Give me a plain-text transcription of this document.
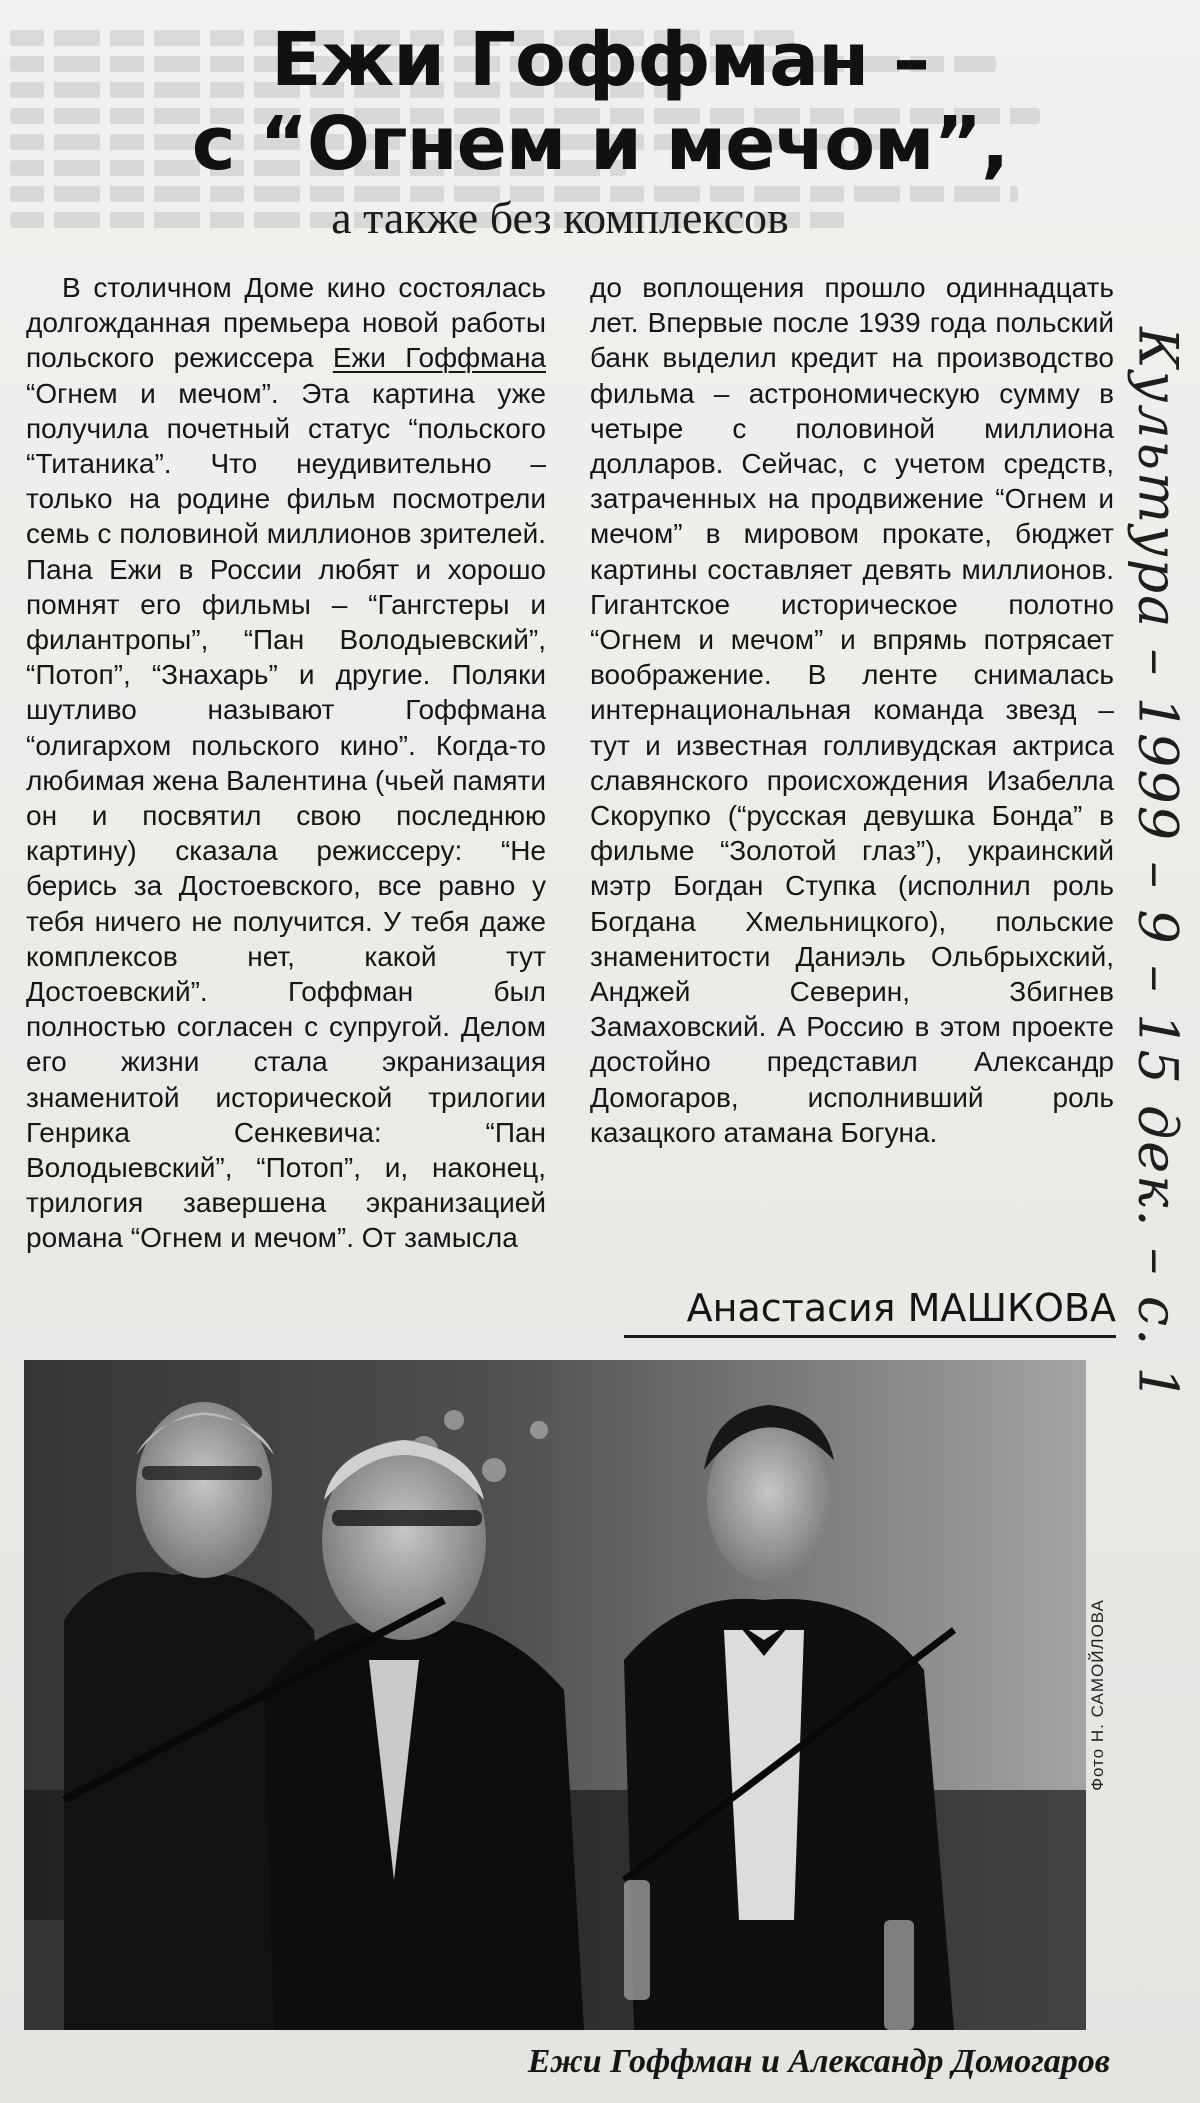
Ежи Гоффман –
с “Огнем и мечом”,
а также без комплексов

В столичном Доме кино состоялась долгожданная премьера новой работы польского режиссера Ежи Гоффмана “Огнем и мечом”. Эта картина уже получила почетный статус “польского “Титаника”. Что неудивительно – только на родине фильм посмотрели семь с половиной миллионов зрителей. Пана Ежи в России любят и хорошо помнят его фильмы – “Гангстеры и филантропы”, “Пан Володыевский”, “Потоп”, “Знахарь” и другие. Поляки шутливо называют Гоффмана “олигархом польского кино”. Когда-то любимая жена Валентина (чьей памяти он и посвятил свою последнюю картину) сказала режиссеру: “Не берись за Достоевского, все равно у тебя ничего не получится. У тебя даже комплексов нет, какой тут Достоевский”. Гоффман был полностью согласен с супругой. Делом его жизни стала экранизация знаменитой исторической трилогии Генрика Сенкевича: “Пан Володыевский”, “Потоп”, и, наконец, трилогия завершена экранизацией романа “Огнем и мечом”. От замысла

до воплощения прошло одиннадцать лет. Впервые после 1939 года польский банк выделил кредит на производство фильма – астрономическую сумму в четыре с половиной миллиона долларов. Сейчас, с учетом средств, затраченных на продвижение “Огнем и мечом” в мировом прокате, бюджет картины составляет девять миллионов. Гигантское историческое полотно “Огнем и мечом” и впрямь потрясает воображение. В ленте снималась интернациональная команда звезд – тут и известная голливудская актриса славянского происхождения Изабелла Скорупко (“русская девушка Бонда” в фильме “Золотой глаз”), украинский мэтр Богдан Ступка (исполнил роль Богдана Хмельницкого), польские знаменитости Даниэль Ольбрыхский, Анджей Северин, Збигнев Замаховский. А Россию в этом проекте достойно представил Александр Домогаров, исполнивший роль казацкого атамана Богуна.

Анастасия МАШКОВА
Фото Н. САМОЙЛОВА
Ежи Гоффман и Александр Домогаров
Культура – 1999 – 9 – 15 дек. – с. 1
